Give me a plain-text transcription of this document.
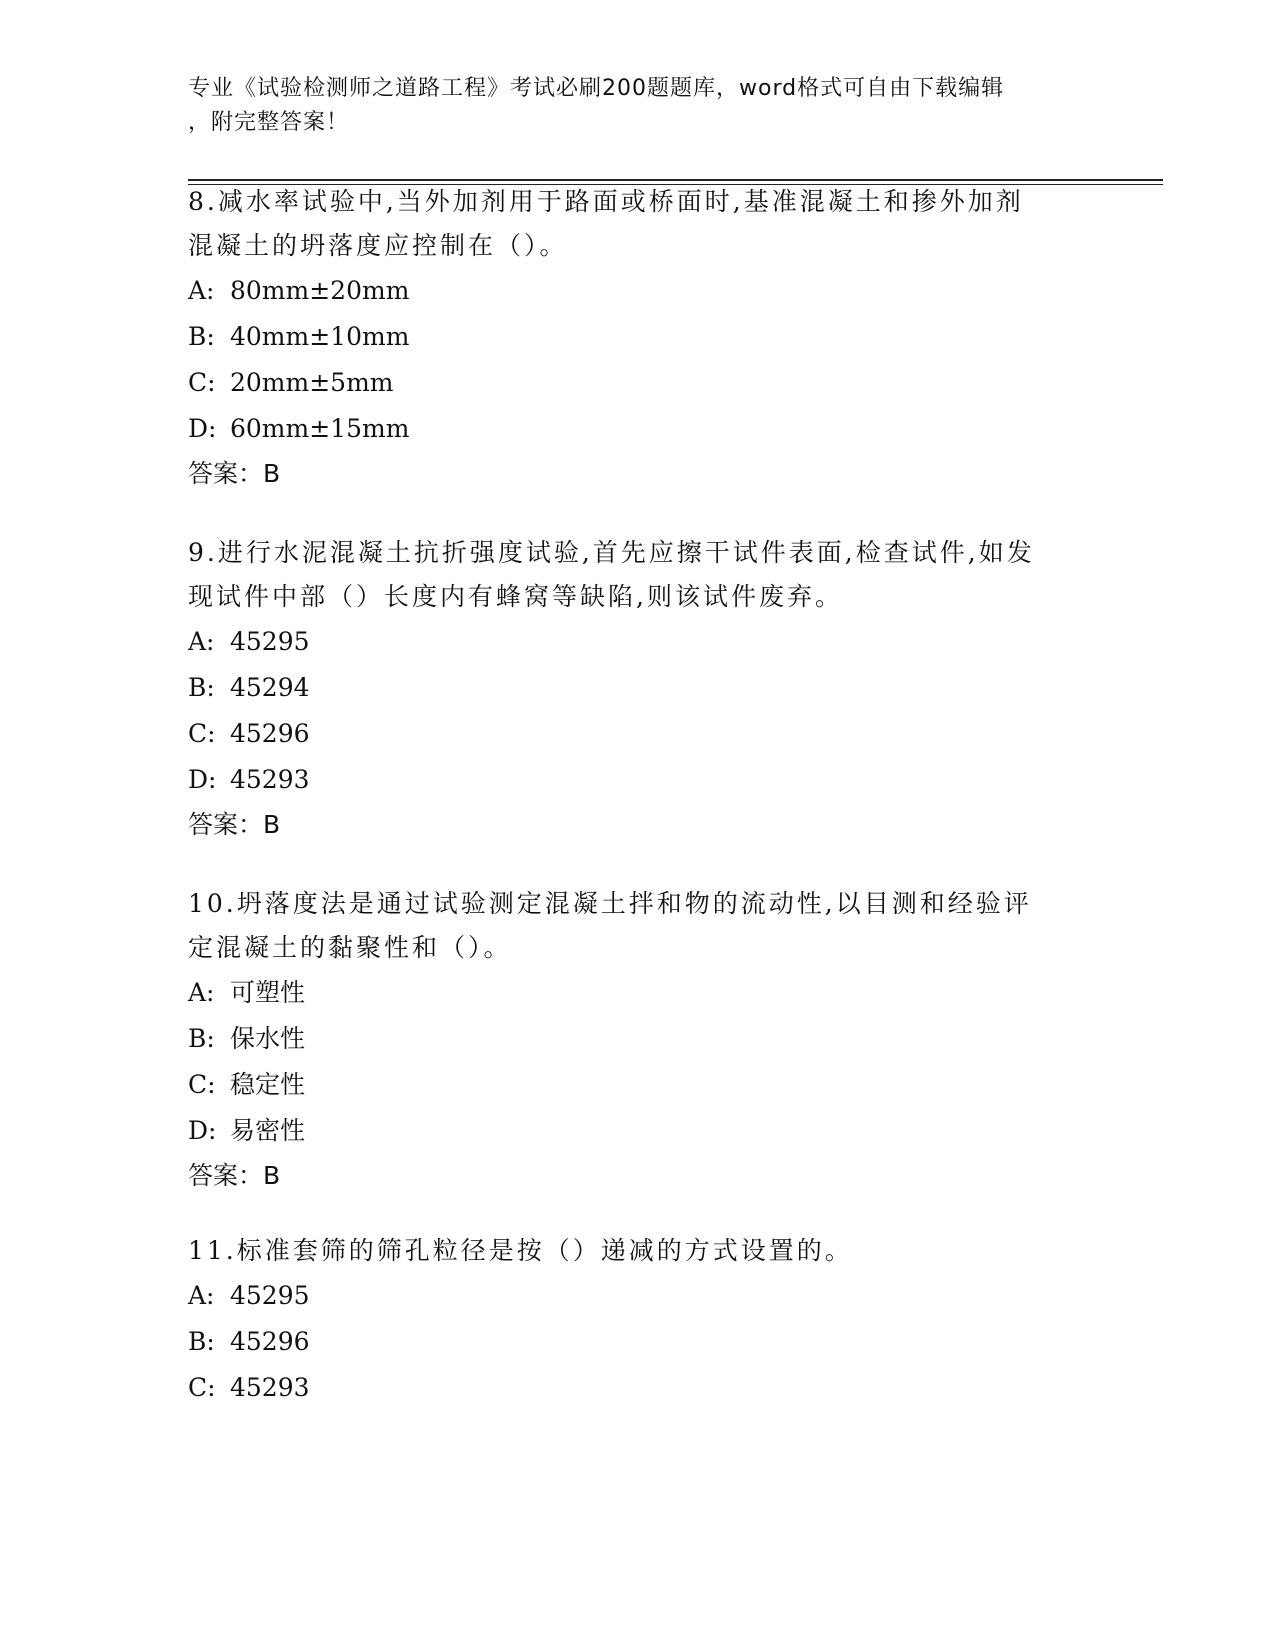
专业《试验检测师之道路工程》考试必刷200题题库，word格式可自由下载编辑
，附完整答案！

8.减水率试验中,当外加剂用于路面或桥面时,基准混凝土和掺外加剂

混凝土的坍落度应控制在（）。

A: 80mm±20mm

B: 40mm±10mm

C: 20mm±5mm

D: 60mm±15mm

答案：B

9.进行水泥混凝土抗折强度试验,首先应擦干试件表面,检查试件,如发

现试件中部（）长度内有蜂窝等缺陷,则该试件废弃。

A: 45295

B: 45294

C: 45296

D: 45293

答案：B

10.坍落度法是通过试验测定混凝土拌和物的流动性,以目测和经验评

定混凝土的黏聚性和（）。

A: 可塑性

B: 保水性

C: 稳定性

D: 易密性

答案：B

11.标准套筛的筛孔粒径是按（）递减的方式设置的。

A: 45295

B: 45296

C: 45293
